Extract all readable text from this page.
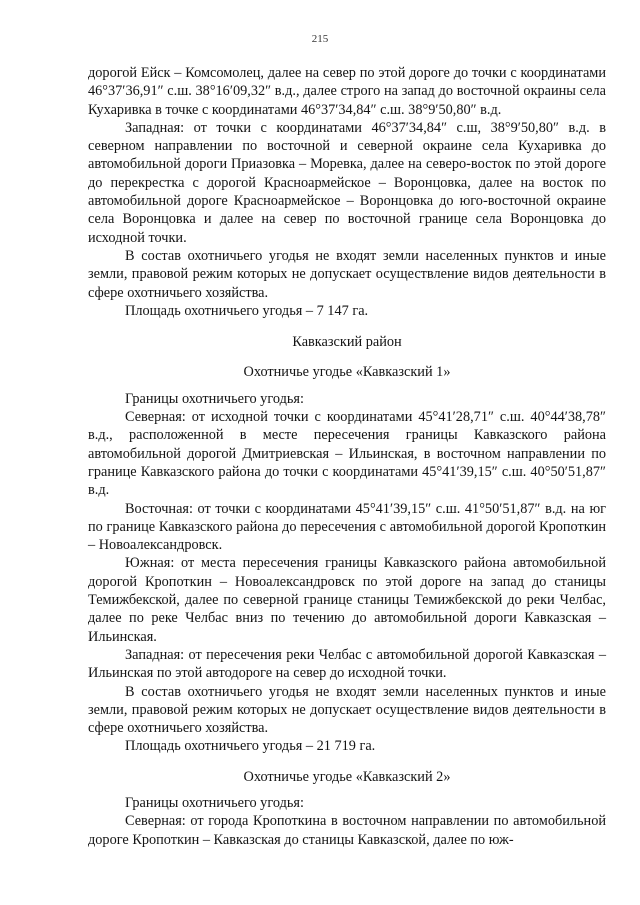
215

дорогой Ейск – Комсомолец, далее на север по этой дороге до точки с координатами 46°37′36,91″ с.ш. 38°16′09,32″ в.д., далее строго на запад до восточной окраины села Кухаривка в точке с координатами 46°37′34,84″ с.ш. 38°9′50,80″ в.д.

Западная: от точки с координатами 46°37′34,84″ с.ш, 38°9′50,80″ в.д. в северном направлении по восточной и северной окраине села Кухаривка до автомобильной дороги Приазовка – Моревка, далее на северо-восток по этой дороге до перекрестка с дорогой Красноармейское – Воронцовка, далее на восток по автомобильной дороге Красноармейское – Воронцовка до юго-восточной окраине села Воронцовка и далее на север по восточной границе села Воронцовка до исходной точки.

В состав охотничьего угодья не входят земли населенных пунктов и иные земли, правовой режим которых не допускает осуществление видов деятельности в сфере охотничьего хозяйства.

Площадь охотничьего угодья – 7 147 га.

Кавказский район

Охотничье угодье «Кавказский 1»

Границы охотничьего угодья:

Северная: от исходной точки с координатами 45°41′28,71″ с.ш. 40°44′38,78″ в.д., расположенной в месте пересечения границы Кавказского района автомобильной дорогой Дмитриевская – Ильинская, в восточном направлении по границе Кавказского района до точки с координатами 45°41′39,15″ с.ш. 40°50′51,87″ в.д.

Восточная: от точки с координатами 45°41′39,15″ с.ш. 41°50′51,87″ в.д. на юг по границе Кавказского района до пересечения с автомобильной дорогой Кропоткин – Новоалександровск.

Южная: от места пересечения границы Кавказского района автомобильной дорогой Кропоткин – Новоалександровск по этой дороге на запад до станицы Темижбекской, далее по северной границе станицы Темижбекской до реки Челбас, далее по реке Челбас вниз по течению до автомобильной дороги Кавказская – Ильинская.

Западная: от пересечения реки Челбас с автомобильной дорогой Кавказская – Ильинская по этой автодороге на север до исходной точки.

В состав охотничьего угодья не входят земли населенных пунктов и иные земли, правовой режим которых не допускает осуществление видов деятельности в сфере охотничьего хозяйства.

Площадь охотничьего угодья – 21 719 га.

Охотничье угодье «Кавказский 2»

Границы охотничьего угодья:

Северная: от города Кропоткина в восточном направлении по автомобильной дороге Кропоткин – Кавказская до станицы Кавказской, далее по юж-
